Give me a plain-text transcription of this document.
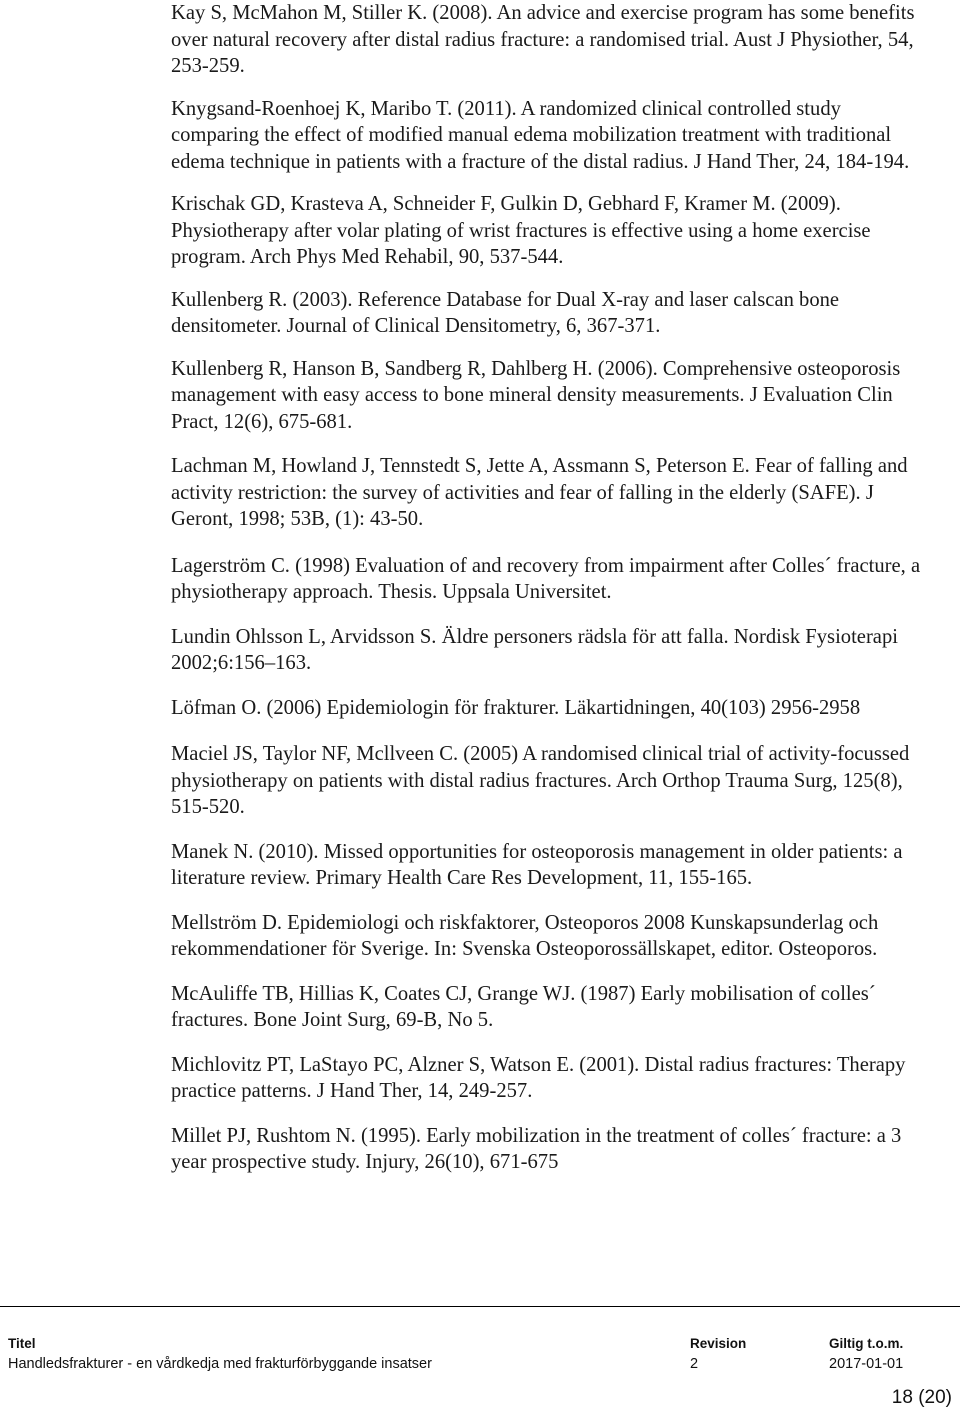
Kay S, McMahon M, Stiller K. (2008). An advice and exercise program has some benefits over natural recovery after distal radius fracture: a randomised trial. Aust J Physiother, 54, 253-259.

Knygsand-Roenhoej K, Maribo T. (2011). A randomized clinical controlled study comparing the effect of modified manual edema mobilization treatment with traditional edema technique in patients with a fracture of the distal radius. J Hand Ther, 24, 184-194.

Krischak GD, Krasteva A, Schneider F, Gulkin D, Gebhard F, Kramer M. (2009). Physiotherapy after volar plating of wrist fractures is effective using a home exercise program. Arch Phys Med Rehabil, 90, 537-544.

Kullenberg R. (2003). Reference Database for Dual X-ray and laser calscan bone densitometer. Journal of Clinical Densitometry, 6, 367-371.

Kullenberg R, Hanson B, Sandberg R, Dahlberg H. (2006). Comprehensive osteoporosis management with easy access to bone mineral density measurements. J Evaluation Clin Pract, 12(6), 675-681.

Lachman M, Howland J, Tennstedt S, Jette A, Assmann S, Peterson E. Fear of falling and activity restriction: the survey of activities and fear of falling in the elderly (SAFE). J Geront, 1998; 53B, (1): 43-50.

Lagerström C. (1998) Evaluation of and recovery from impairment after Colles´ fracture, a physiotherapy approach. Thesis. Uppsala Universitet.

Lundin Ohlsson L, Arvidsson S. Äldre personers rädsla för att falla. Nordisk Fysioterapi 2002;6:156–163.

Löfman O. (2006) Epidemiologin för frakturer. Läkartidningen, 40(103) 2956-2958

Maciel JS, Taylor NF, Mcllveen C. (2005) A randomised clinical trial of activity-focussed physiotherapy on patients with distal radius fractures. Arch Orthop Trauma Surg, 125(8), 515-520.

Manek N. (2010). Missed opportunities for osteoporosis management in older patients: a literature review. Primary Health Care Res Development, 11, 155-165.

Mellström D. Epidemiologi och riskfaktorer, Osteoporos 2008 Kunskapsunderlag och rekommendationer för Sverige. In: Svenska Osteoporossällskapet, editor. Osteoporos.

McAuliffe TB, Hillias K, Coates CJ, Grange WJ. (1987) Early mobilisation of colles´ fractures. Bone Joint Surg, 69-B, No 5.

Michlovitz PT, LaStayo PC, Alzner S, Watson E. (2001). Distal radius fractures: Therapy practice patterns. J Hand Ther, 14, 249-257.

Millet PJ, Rushtom N. (1995). Early mobilization in the treatment of colles´ fracture: a 3 year prospective study. Injury, 26(10), 671-675

Titel	Revision	Giltig t.o.m.
Handledsfrakturer - en vårdkedja med frakturförbyggande insatser	2	2017-01-01
18 (20)
